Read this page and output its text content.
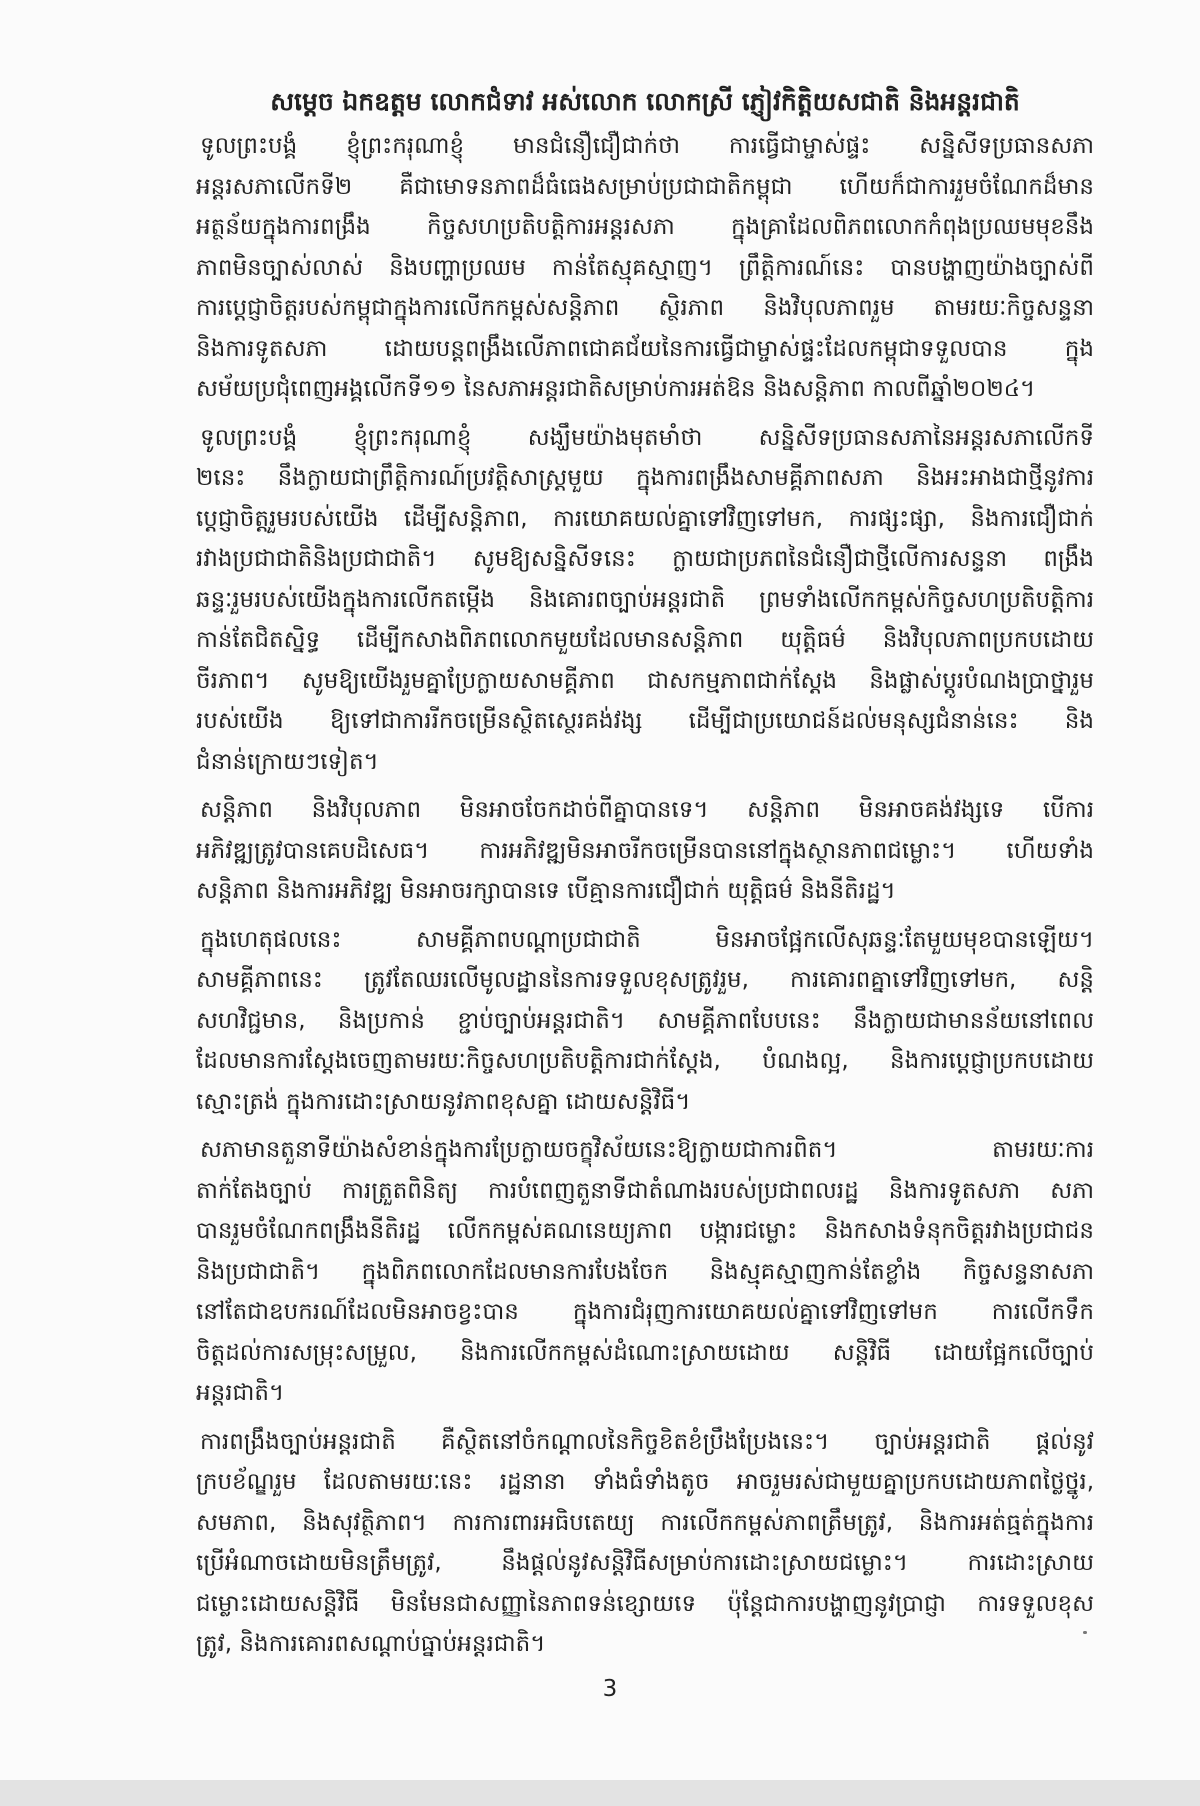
សម្ដេច ឯកឧត្តម លោកជំទាវ អស់លោក លោកស្រី ភ្ញៀវកិត្តិយសជាតិ និងអន្តរជាតិ
ទូលព្រះបង្គំ ខ្ញុំព្រះករុណាខ្ញុំ មានជំនឿជឿជាក់ថា ការធ្វើជាម្ចាស់ផ្ទះ សន្និសីទប្រធានសភា
អន្តរសភាលើកទី២ គឺជាមោទនភាពដ៏ធំធេងសម្រាប់ប្រជាជាតិកម្ពុជា ហើយក៏ជាការរួមចំណែកដ៏មាន
អត្ថន័យក្នុងការពង្រឹង កិច្ចសហប្រតិបត្តិការអន្តរសភា ក្នុងគ្រាដែលពិភពលោកកំពុងប្រឈមមុខនឹង
ភាពមិនច្បាស់លាស់ និងបញ្ហាប្រឈម កាន់តែស្មុគស្មាញ។ ព្រឹត្តិការណ៍នេះ បានបង្ហាញយ៉ាងច្បាស់ពី
ការប្តេជ្ញាចិត្តរបស់កម្ពុជាក្នុងការលើកកម្ពស់សន្តិភាព ស្ថិរភាព និងវិបុលភាពរួម តាមរយៈកិច្ចសន្ទនា
និងការទូតសភា ដោយបន្តពង្រឹងលើភាពជោគជ័យនៃការធ្វើជាម្ចាស់ផ្ទះដែលកម្ពុជាទទួលបាន ក្នុង
សម័យប្រជុំពេញអង្គលើកទី១១ នៃសភាអន្តរជាតិសម្រាប់ការអត់ឱន និងសន្តិភាព កាលពីឆ្នាំ២០២៤។
ទូលព្រះបង្គំ ខ្ញុំព្រះករុណាខ្ញុំ សង្ឃឹមយ៉ាងមុតមាំថា សន្និសីទប្រធានសភានៃអន្តរសភាលើកទី
២នេះ នឹងក្លាយជាព្រឹត្តិការណ៍ប្រវត្តិសាស្ត្រមួយ ក្នុងការពង្រឹងសាមគ្គីភាពសភា និងអះអាងជាថ្មីនូវការ
ប្តេជ្ញាចិត្តរួមរបស់យើង ដើម្បីសន្តិភាព, ការយោគយល់គ្នាទៅវិញទៅមក, ការផ្សះផ្សា, និងការជឿជាក់
រវាងប្រជាជាតិនិងប្រជាជាតិ។ សូមឱ្យសន្និសីទនេះ ក្លាយជាប្រភពនៃជំនឿជាថ្មីលើការសន្ទនា ពង្រឹង
ឆន្ទៈរួមរបស់យើងក្នុងការលើកតម្កើង និងគោរពច្បាប់អន្តរជាតិ ព្រមទាំងលើកកម្ពស់កិច្ចសហប្រតិបត្តិការ
កាន់តែជិតស្និទ្ធ ដើម្បីកសាងពិភពលោកមួយដែលមានសន្តិភាព យុត្តិធម៌ និងវិបុលភាពប្រកបដោយ
ចីរភាព។ សូមឱ្យយើងរួមគ្នាប្រែក្លាយសាមគ្គីភាព ជាសកម្មភាពជាក់ស្តែង និងផ្លាស់ប្តូរបំណងប្រាថ្នារួម
របស់យើង ឱ្យទៅជាការរីកចម្រើនស្ថិតស្ថេរគង់វង្ស ដើម្បីជាប្រយោជន៍ដល់មនុស្សជំនាន់នេះ និង
ជំនាន់ក្រោយៗទៀត។
សន្តិភាព និងវិបុលភាព មិនអាចចែកដាច់ពីគ្នាបានទេ។ សន្តិភាព មិនអាចគង់វង្សទេ បើការ
អភិវឌ្ឍត្រូវបានគេបដិសេធ។ ការអភិវឌ្ឍមិនអាចរីកចម្រើនបាននៅក្នុងស្ថានភាពជម្លោះ។ ហើយទាំង
សន្តិភាព និងការអភិវឌ្ឍ មិនអាចរក្សាបានទេ បើគ្មានការជឿជាក់ យុត្តិធម៌ និងនីតិរដ្ឋ។
ក្នុងហេតុផលនេះ សាមគ្គីភាពបណ្ដាប្រជាជាតិ មិនអាចផ្អែកលើសុឆន្ទៈតែមួយមុខបានឡើយ។
សាមគ្គីភាពនេះ ត្រូវតែឈរលើមូលដ្ឋាននៃការទទួលខុសត្រូវរួម, ការគោរពគ្នាទៅវិញទៅមក, សន្តិ
សហវិជ្ជមាន, និងប្រកាន់ ខ្ជាប់ច្បាប់អន្តរជាតិ។ សាមគ្គីភាពបែបនេះ នឹងក្លាយជាមានន័យនៅពេល
ដែលមានការស្តែងចេញតាមរយៈកិច្ចសហប្រតិបត្តិការជាក់ស្តែង, បំណងល្អ, និងការប្តេជ្ញាប្រកបដោយ
ស្មោះត្រង់ ក្នុងការដោះស្រាយនូវភាពខុសគ្នា ដោយសន្តិវិធី។
សភាមានតួនាទីយ៉ាងសំខាន់ក្នុងការប្រែក្លាយចក្ខុវិស័យនេះឱ្យក្លាយជាការពិត។ តាមរយៈការ
តាក់តែងច្បាប់ ការត្រួតពិនិត្យ ការបំពេញតួនាទីជាតំណាងរបស់ប្រជាពលរដ្ឋ និងការទូតសភា សភា
បានរួមចំណែកពង្រឹងនីតិរដ្ឋ លើកកម្ពស់គណនេយ្យភាព បង្ការជម្លោះ និងកសាងទំនុកចិត្តរវាងប្រជាជន
និងប្រជាជាតិ។ ក្នុងពិភពលោកដែលមានការបែងចែក និងស្មុគស្មាញកាន់តែខ្លាំង កិច្ចសន្ទនាសភា
នៅតែជាឧបករណ៍ដែលមិនអាចខ្វះបាន ក្នុងការជំរុញការយោគយល់គ្នាទៅវិញទៅមក ការលើកទឹក
ចិត្តដល់ការសម្រុះសម្រួល, និងការលើកកម្ពស់ដំណោះស្រាយដោយ សន្តិវិធី ដោយផ្អែកលើច្បាប់
អន្តរជាតិ។
ការពង្រឹងច្បាប់អន្តរជាតិ គឺស្ថិតនៅចំកណ្ដាលនៃកិច្ចខិតខំប្រឹងប្រែងនេះ។ ច្បាប់អន្តរជាតិ ផ្តល់នូវ
ក្របខ័ណ្ឌរួម ដែលតាមរយៈនេះ រដ្ឋនានា ទាំងធំទាំងតូច អាចរួមរស់ជាមួយគ្នាប្រកបដោយភាពថ្លៃថ្នូរ,
សមភាព, និងសុវត្ថិភាព។ ការការពារអធិបតេយ្យ ការលើកកម្ពស់ភាពត្រឹមត្រូវ, និងការអត់ធ្មត់ក្នុងការ
ប្រើអំណាចដោយមិនត្រឹមត្រូវ, នឹងផ្តល់នូវសន្តិវិធីសម្រាប់ការដោះស្រាយជម្លោះ។ ការដោះស្រាយ
ជម្លោះដោយសន្តិវិធី មិនមែនជាសញ្ញានៃភាពទន់ខ្សោយទេ ប៉ុន្តែជាការបង្ហាញនូវប្រាជ្ញា ការទទួលខុស
ត្រូវ, និងការគោរពសណ្ដាប់ធ្នាប់អន្តរជាតិ។
3
